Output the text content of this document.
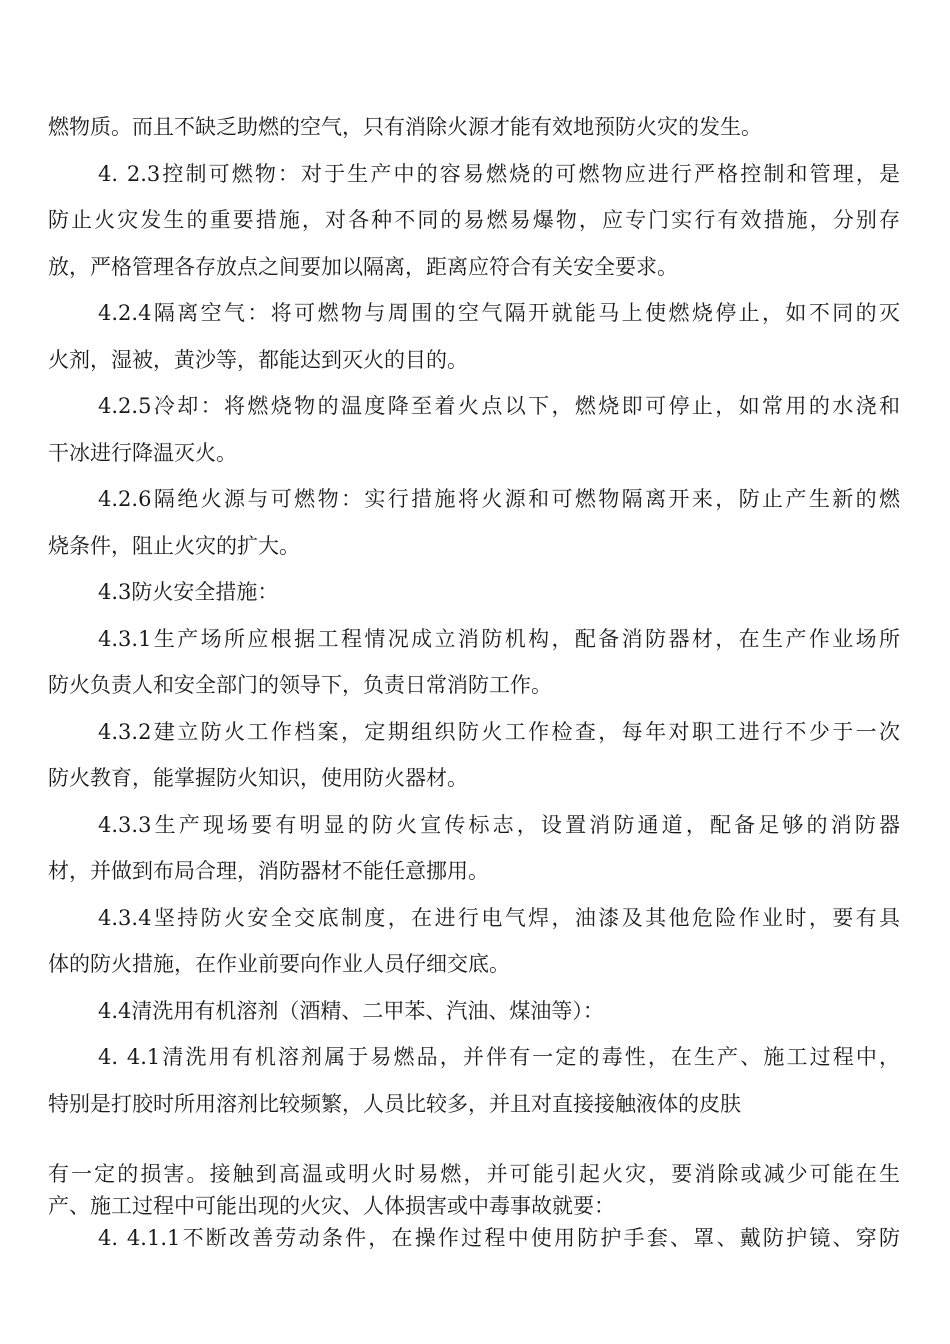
燃物质。而且不缺乏助燃的空气，只有消除火源才能有效地预防火灾的发生。
4. 2.3控制可燃物：对于生产中的容易燃烧的可燃物应进行严格控制和管理，是
防止火灾发生的重要措施，对各种不同的易燃易爆物，应专门实行有效措施，分别存
放，严格管理各存放点之间要加以隔离，距离应符合有关安全要求。
4.2.4隔离空气：将可燃物与周围的空气隔开就能马上使燃烧停止，如不同的灭
火剂，湿被，黄沙等，都能达到灭火的目的。
4.2.5冷却：将燃烧物的温度降至着火点以下，燃烧即可停止，如常用的水浇和
干冰进行降温灭火。
4.2.6隔绝火源与可燃物：实行措施将火源和可燃物隔离开来，防止产生新的燃
烧条件，阻止火灾的扩大。
4.3防火安全措施：
4.3.1生产场所应根据工程情况成立消防机构，配备消防器材，在生产作业场所
防火负责人和安全部门的领导下，负责日常消防工作。
4.3.2建立防火工作档案，定期组织防火工作检查，每年对职工进行不少于一次
防火教育，能掌握防火知识，使用防火器材。
4.3.3生产现场要有明显的防火宣传标志，设置消防通道，配备足够的消防器
材，并做到布局合理，消防器材不能任意挪用。
4.3.4坚持防火安全交底制度，在进行电气焊，油漆及其他危险作业时，要有具
体的防火措施，在作业前要向作业人员仔细交底。
4.4清洗用有机溶剂（酒精、二甲苯、汽油、煤油等）：
4. 4.1清洗用有机溶剂属于易燃品，并伴有一定的毒性，在生产、施工过程中，
特别是打胶时所用溶剂比较频繁，人员比较多，并且对直接接触液体的皮肤
有一定的损害。接触到高温或明火时易燃，并可能引起火灾，要消除或减少可能在生
产、施工过程中可能出现的火灾、人体损害或中毒事故就要：
4. 4.1.1不断改善劳动条件，在操作过程中使用防护手套、罩、戴防护镜、穿防
